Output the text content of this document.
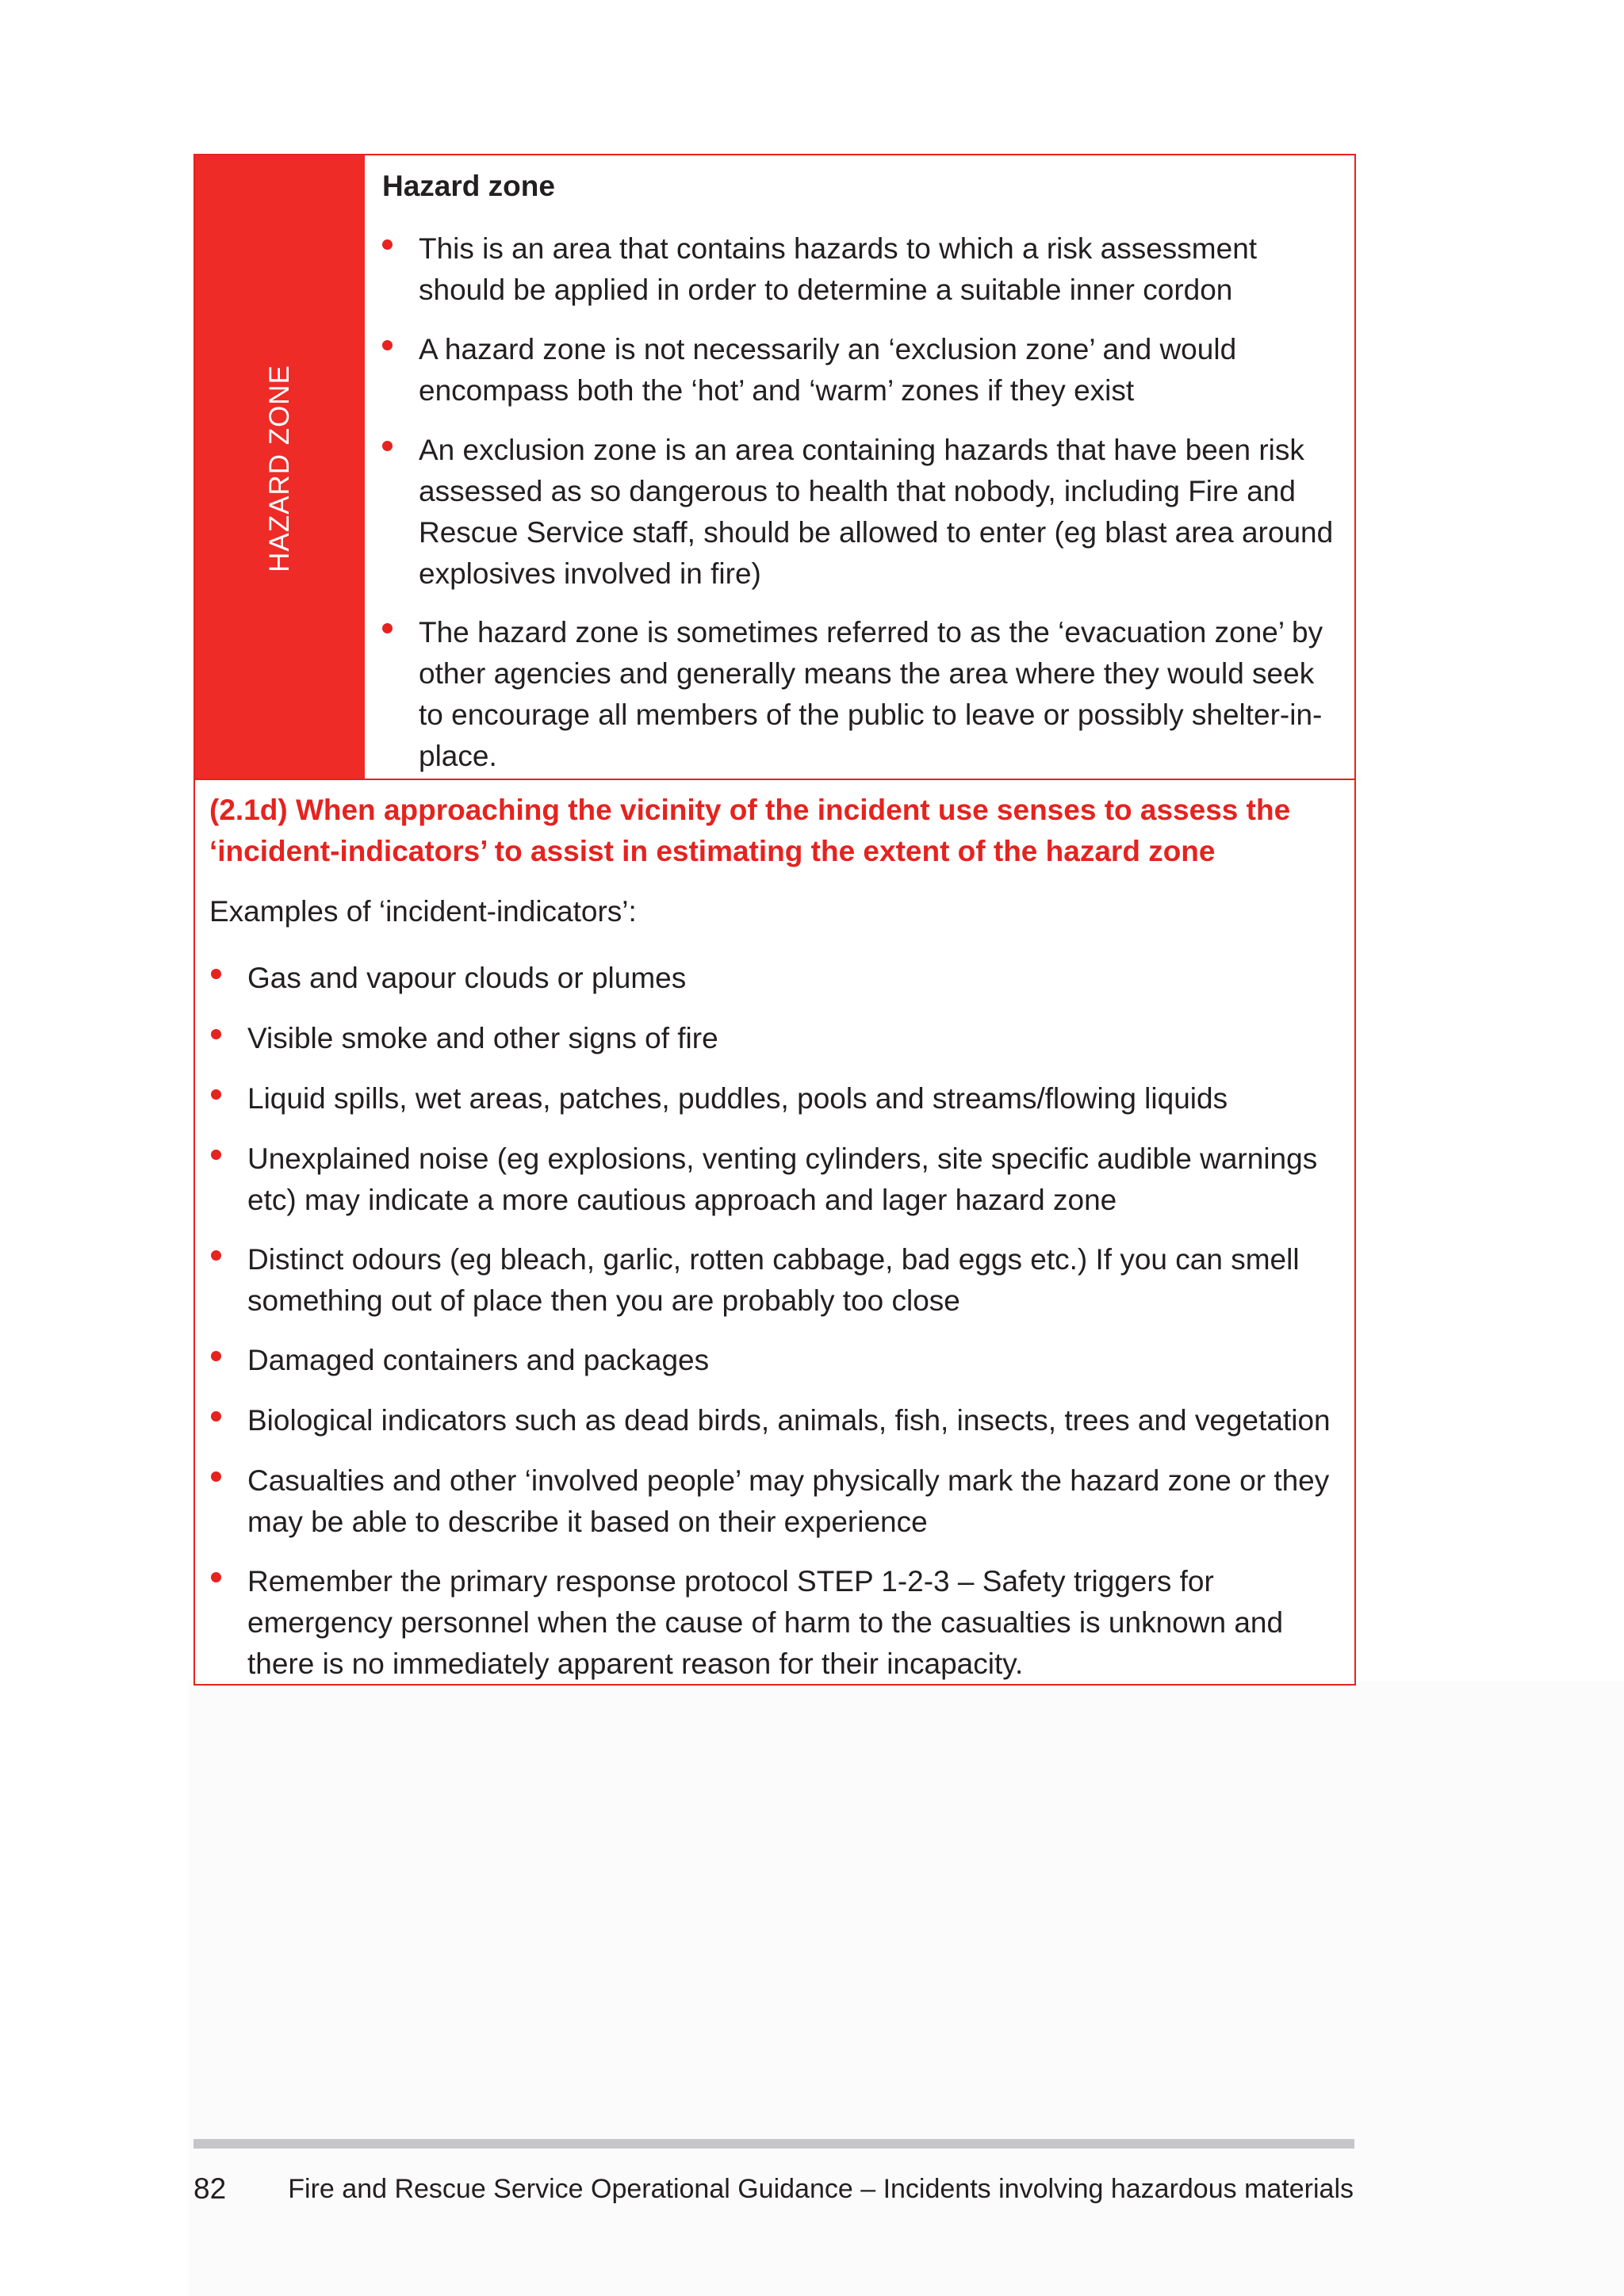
HAZARD ZONE
Hazard zone
This is an area that contains hazards to which a risk assessment
should be applied in order to determine a suitable inner cordon
A hazard zone is not necessarily an ‘exclusion zone’ and would
encompass both the ‘hot’ and ‘warm’ zones if they exist
An exclusion zone is an area containing hazards that have been risk
assessed as so dangerous to health that nobody, including Fire and
Rescue Service staff, should be allowed to enter (eg blast area around
explosives involved in fire)
The hazard zone is sometimes referred to as the ‘evacuation zone’ by
other agencies and generally means the area where they would seek
to encourage all members of the public to leave or possibly shelter-in-
place.
(2.1d) When approaching the vicinity of the incident use senses to assess the
‘incident-indicators’ to assist in estimating the extent of the hazard zone
Examples of ‘incident-indicators’:
Gas and vapour clouds or plumes
Visible smoke and other signs of fire
Liquid spills, wet areas, patches, puddles, pools and streams/flowing liquids
Unexplained noise (eg explosions, venting cylinders, site specific audible warnings
etc) may indicate a more cautious approach and lager hazard zone
Distinct odours (eg bleach, garlic, rotten cabbage, bad eggs etc.) If you can smell
something out of place then you are probably too close
Damaged containers and packages
Biological indicators such as dead birds, animals, fish, insects, trees and vegetation
Casualties and other ‘involved people’ may physically mark the hazard zone or they
may be able to describe it based on their experience
Remember the primary response protocol STEP 1-2-3 – Safety triggers for
emergency personnel when the cause of harm to the casualties is unknown and
there is no immediately apparent reason for their incapacity.
82 Fire and Rescue Service Operational Guidance – Incidents involving hazardous materials
